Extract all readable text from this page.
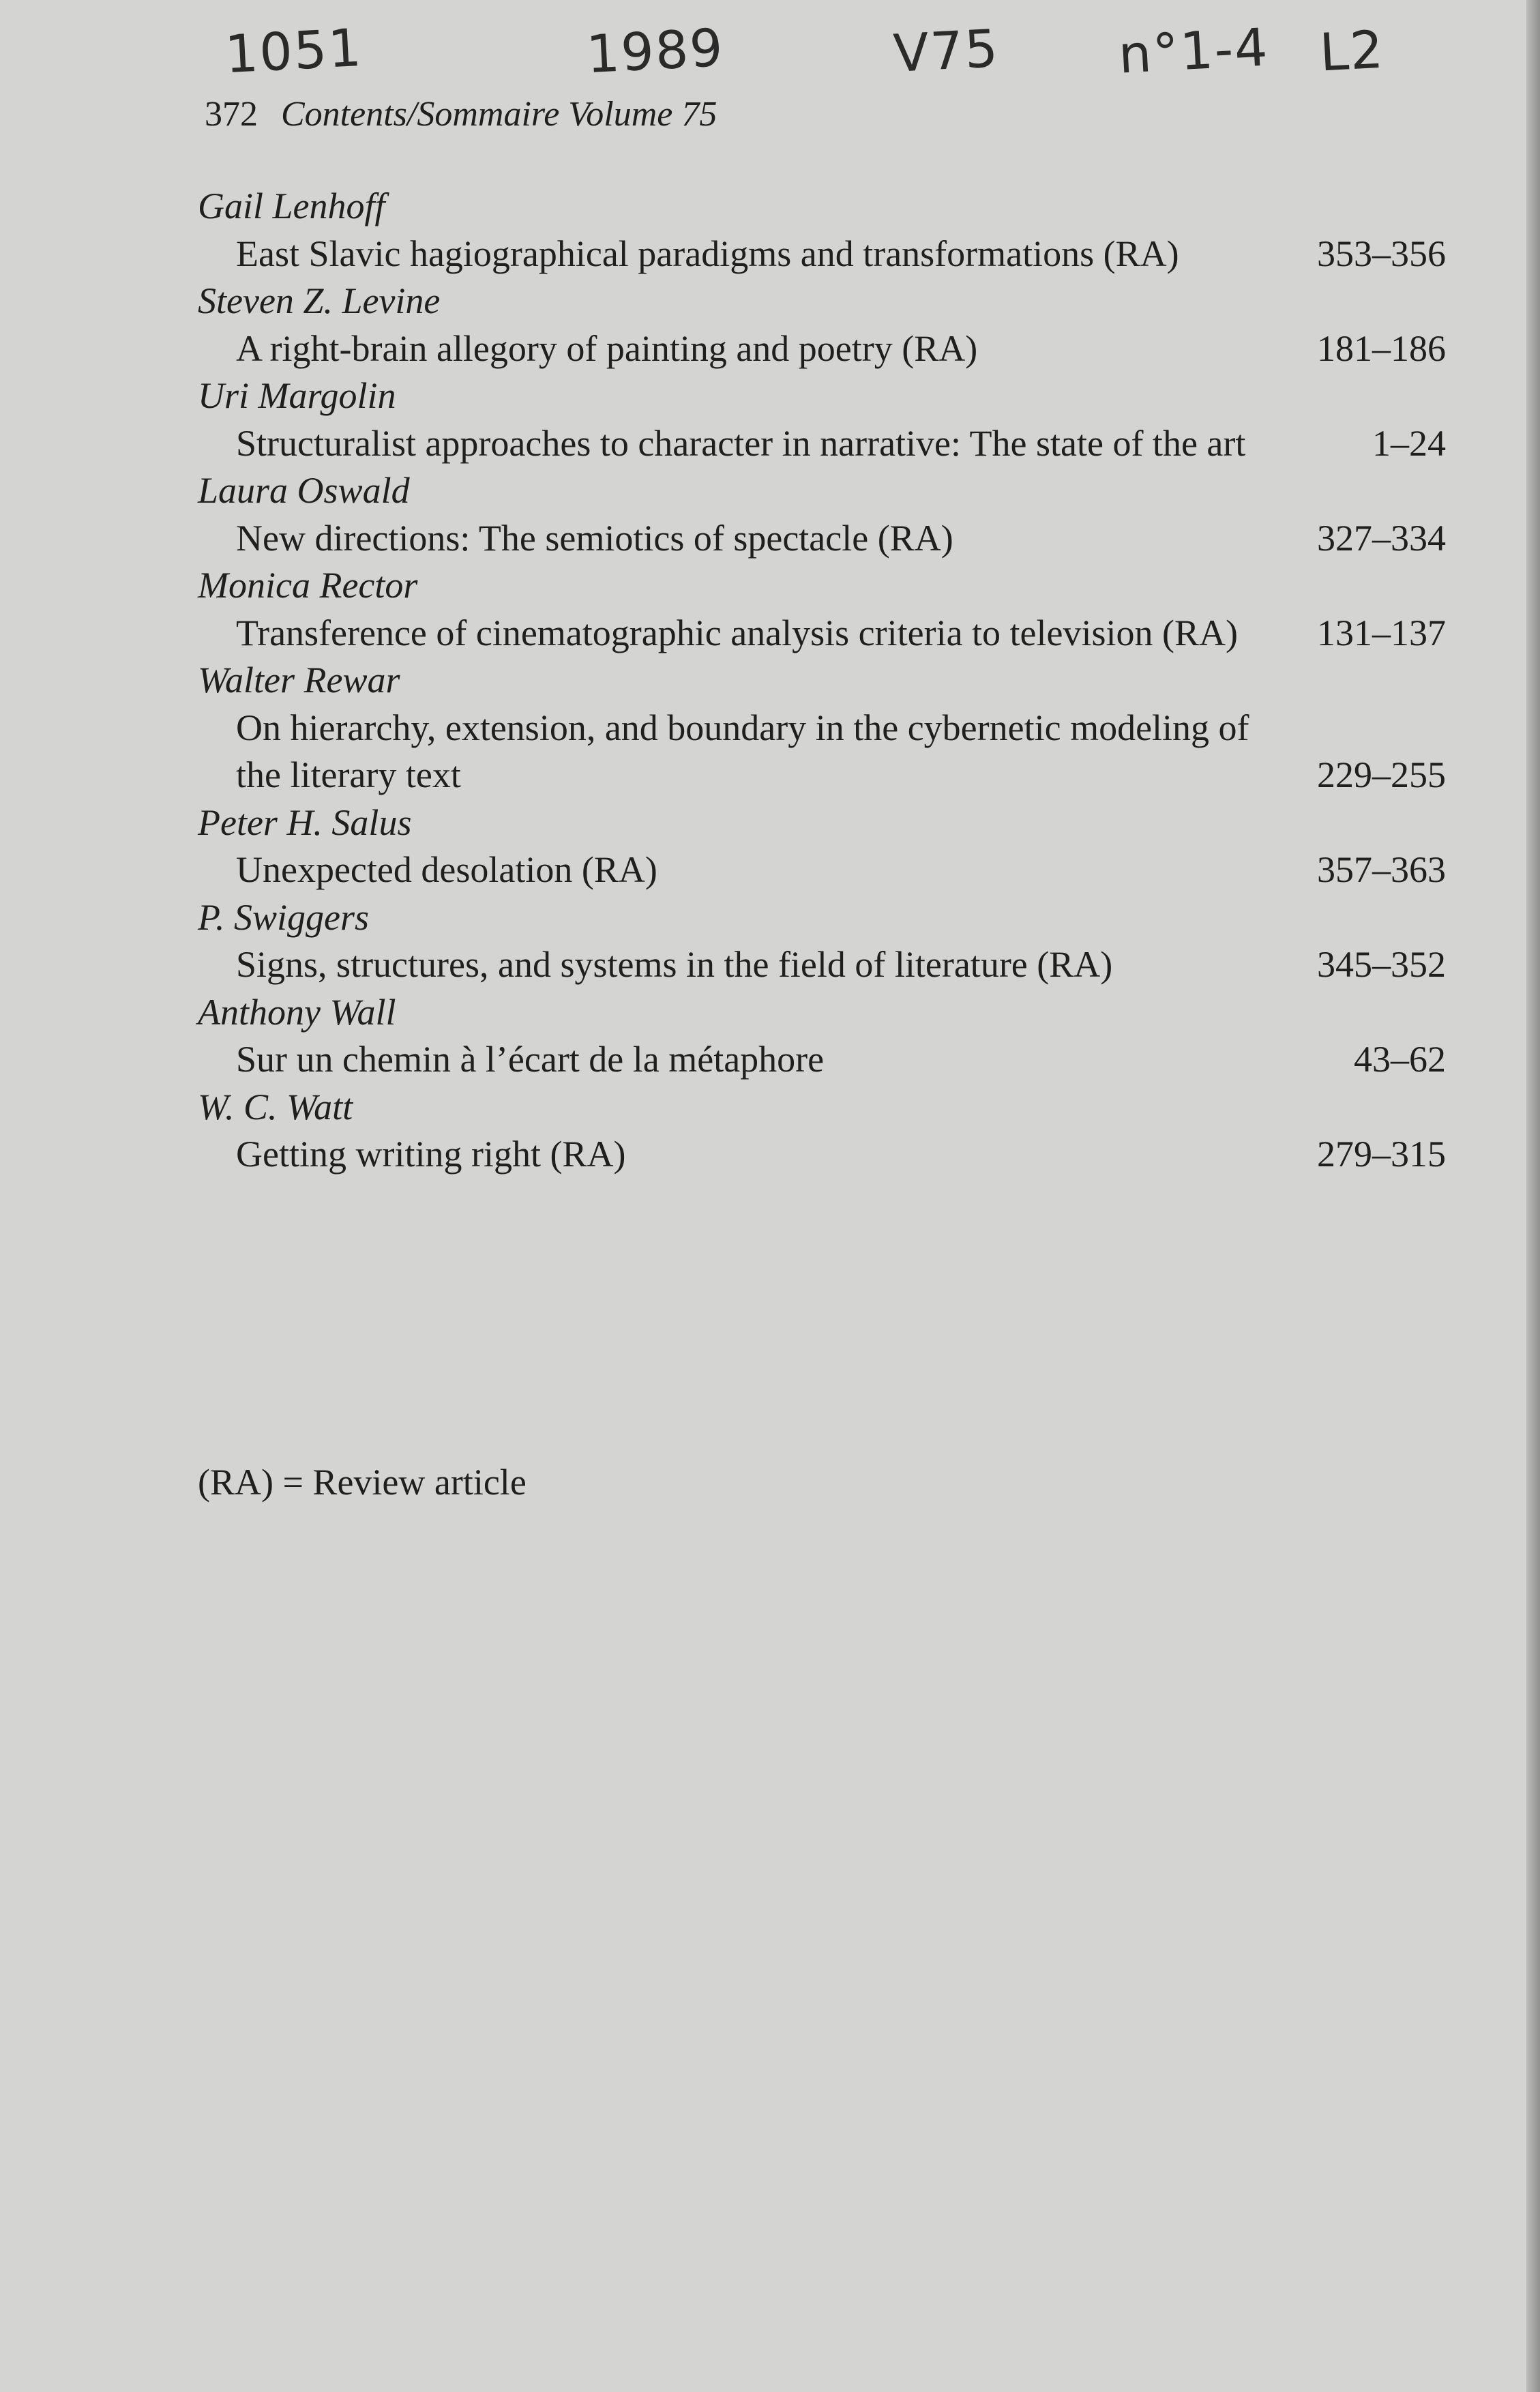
1051	1989	V75 n°1-4 L2
372 Contents/Sommaire Volume 75
Gail Lenhoff
East Slavic hagiographical paradigms and transformations (RA)	353–356
Steven Z. Levine
A right-brain allegory of painting and poetry (RA)	181–186
Uri Margolin
Structuralist approaches to character in narrative: The state of the art	1–24
Laura Oswald
New directions: The semiotics of spectacle (RA)	327–334
Monica Rector
Transference of cinematographic analysis criteria to television (RA)	131–137
Walter Rewar
On hierarchy, extension, and boundary in the cybernetic modeling of the literary text	229–255
Peter H. Salus
Unexpected desolation (RA)	357–363
P. Swiggers
Signs, structures, and systems in the field of literature (RA)	345–352
Anthony Wall
Sur un chemin à l’écart de la métaphore	43–62
W. C. Watt
Getting writing right (RA)	279–315
(RA) = Review article
